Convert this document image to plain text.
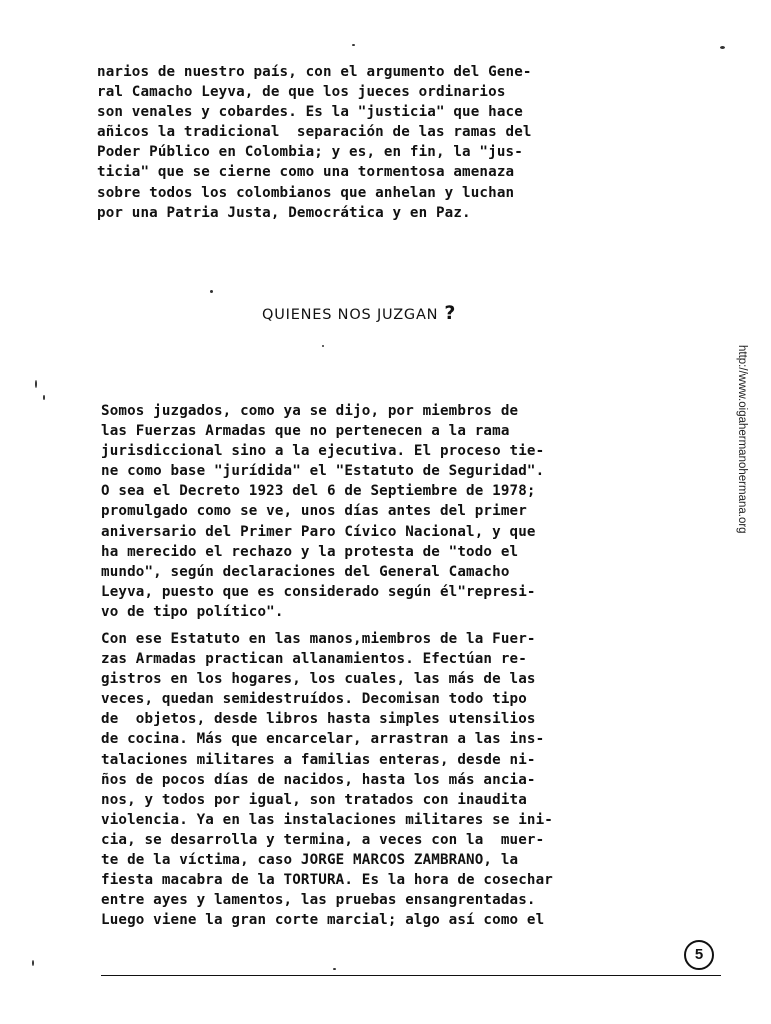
narios de nuestro país, con el argumento del Gene-
ral Camacho Leyva, de que los jueces ordinarios
son venales y cobardes. Es la "justicia" que hace
añicos la tradicional  separación de las ramas del
Poder Público en Colombia; y es, en fin, la "jus-
ticia" que se cierne como una tormentosa amenaza
sobre todos los colombianos que anhelan y luchan
por una Patria Justa, Democrática y en Paz.
QUIENES NOS JUZGAN ?
Somos juzgados, como ya se dijo, por miembros de
las Fuerzas Armadas que no pertenecen a la rama
jurisdiccional sino a la ejecutiva. El proceso tie-
ne como base "jurídida" el "Estatuto de Seguridad".
O sea el Decreto 1923 del 6 de Septiembre de 1978;
promulgado como se ve, unos días antes del primer
aniversario del Primer Paro Cívico Nacional, y que
ha merecido el rechazo y la protesta de "todo el
mundo", según declaraciones del General Camacho
Leyva, puesto que es considerado según él"represi-
vo de tipo político".
Con ese Estatuto en las manos,miembros de la Fuer-
zas Armadas practican allanamientos. Efectúan re-
gistros en los hogares, los cuales, las más de las
veces, quedan semidestruídos. Decomisan todo tipo
de  objetos, desde libros hasta simples utensilios
de cocina. Más que encarcelar, arrastran a las ins-
talaciones militares a familias enteras, desde ni-
ños de pocos días de nacidos, hasta los más ancia-
nos, y todos por igual, son tratados con inaudita
violencia. Ya en las instalaciones militares se ini-
cia, se desarrolla y termina, a veces con la  muer-
te de la víctima, caso JORGE MARCOS ZAMBRANO, la
fiesta macabra de la TORTURA. Es la hora de cosechar
entre ayes y lamentos, las pruebas ensangrentadas.
Luego viene la gran corte marcial; algo así como el
http://www.oigahermanohermana.org
5
